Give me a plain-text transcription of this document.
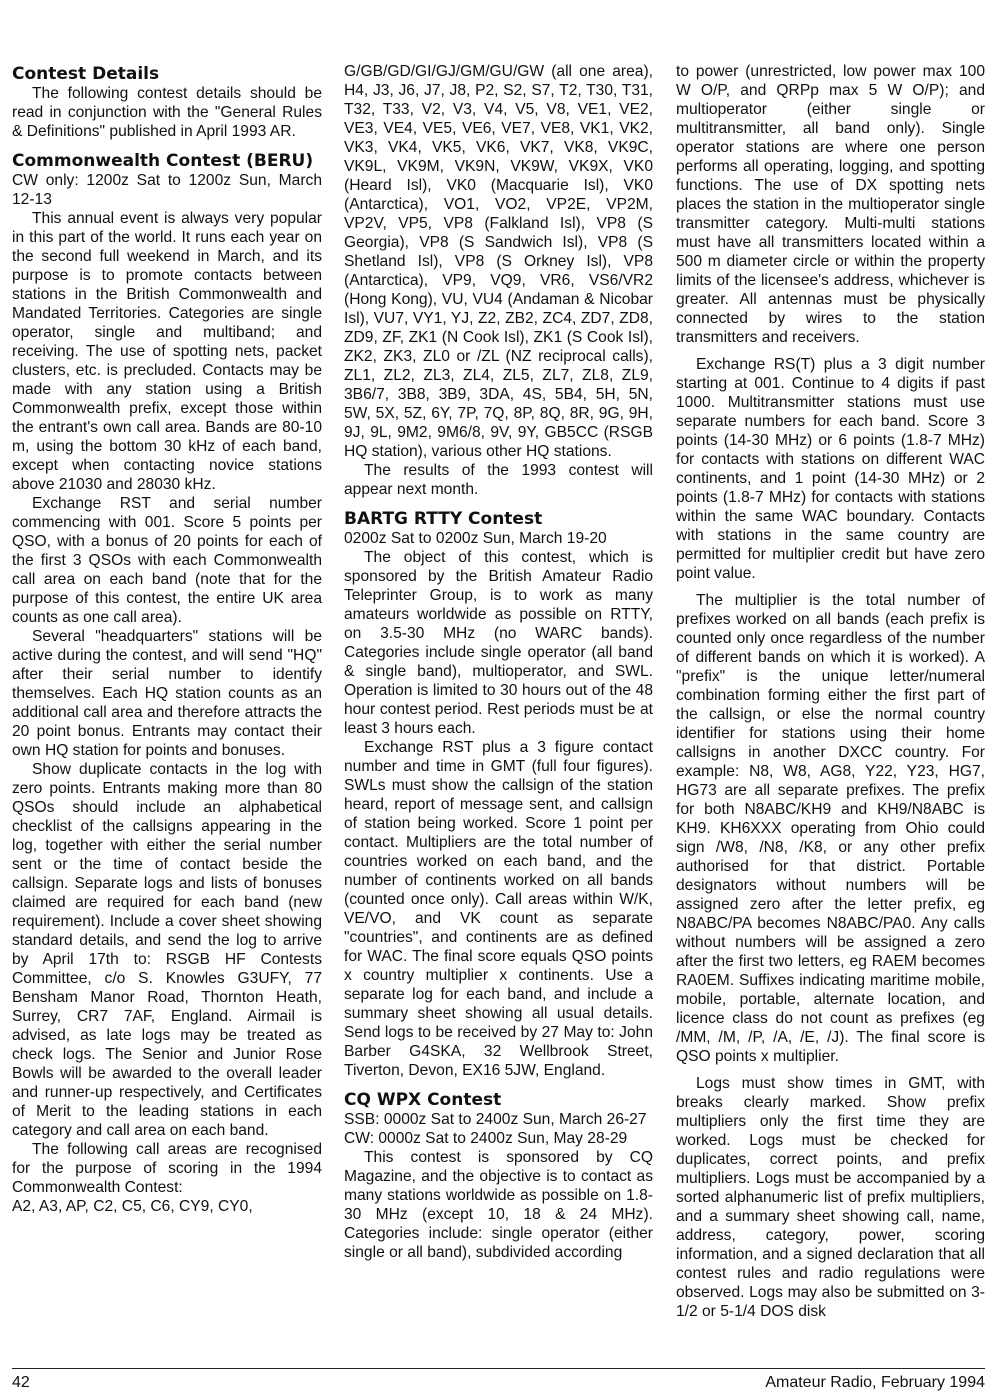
Contest Details

The following contest details should be read in conjunction with the "General Rules & Definitions" published in April 1993 AR.

Commonwealth Contest (BERU)

CW only: 1200z Sat to 1200z Sun, March 12-13

This annual event is always very popular in this part of the world. It runs each year on the second full weekend in March, and its purpose is to promote contacts between stations in the British Commonwealth and Mandated Territories. Categories are single operator, single and multiband; and receiving. The use of spotting nets, packet clusters, etc. is precluded. Contacts may be made with any station using a British Commonwealth prefix, except those within the entrant's own call area. Bands are 80-10 m, using the bottom 30 kHz of each band, except when contacting novice stations above 21030 and 28030 kHz.

Exchange RST and serial number commencing with 001. Score 5 points per QSO, with a bonus of 20 points for each of the first 3 QSOs with each Commonwealth call area on each band (note that for the purpose of this contest, the entire UK area counts as one call area).

Several "headquarters" stations will be active during the contest, and will send "HQ" after their serial number to identify themselves. Each HQ station counts as an additional call area and therefore attracts the 20 point bonus. Entrants may contact their own HQ station for points and bonuses.

Show duplicate contacts in the log with zero points. Entrants making more than 80 QSOs should include an alphabetical checklist of the callsigns appearing in the log, together with either the serial number sent or the time of contact beside the callsign. Separate logs and lists of bonuses claimed are required for each band (new requirement). Include a cover sheet showing standard details, and send the log to arrive by April 17th to: RSGB HF Contests Committee, c/o S. Knowles G3UFY, 77 Bensham Manor Road, Thornton Heath, Surrey, CR7 7AF, England. Airmail is advised, as late logs may be treated as check logs. The Senior and Junior Rose Bowls will be awarded to the overall leader and runner-up respectively, and Certificates of Merit to the leading stations in each category and call area on each band.

The following call areas are recognised for the purpose of scoring in the 1994 Commonwealth Contest:

A2, A3, AP, C2, C5, C6, CY9, CY0,

G/GB/GD/GI/GJ/GM/GU/GW (all one area), H4, J3, J6, J7, J8, P2, S2, S7, T2, T30, T31, T32, T33, V2, V3, V4, V5, V8, VE1, VE2, VE3, VE4, VE5, VE6, VE7, VE8, VK1, VK2, VK3, VK4, VK5, VK6, VK7, VK8, VK9C, VK9L, VK9M, VK9N, VK9W, VK9X, VK0 (Heard Isl), VK0 (Macquarie Isl), VK0 (Antarctica), VO1, VO2, VP2E, VP2M, VP2V, VP5, VP8 (Falkland Isl), VP8 (S Georgia), VP8 (S Sandwich Isl), VP8 (S Shetland Isl), VP8 (S Orkney Isl), VP8 (Antarctica), VP9, VQ9, VR6, VS6/VR2 (Hong Kong), VU, VU4 (Andaman & Nicobar Isl), VU7, VY1, YJ, Z2, ZB2, ZC4, ZD7, ZD8, ZD9, ZF, ZK1 (N Cook Isl), ZK1 (S Cook Isl), ZK2, ZK3, ZL0 or /ZL (NZ reciprocal calls), ZL1, ZL2, ZL3, ZL4, ZL5, ZL7, ZL8, ZL9, 3B6/7, 3B8, 3B9, 3DA, 4S, 5B4, 5H, 5N, 5W, 5X, 5Z, 6Y, 7P, 7Q, 8P, 8Q, 8R, 9G, 9H, 9J, 9L, 9M2, 9M6/8, 9V, 9Y, GB5CC (RSGB HQ station), various other HQ stations.

The results of the 1993 contest will appear next month.

BARTG RTTY Contest

0200z Sat to 0200z Sun, March 19-20

The object of this contest, which is sponsored by the British Amateur Radio Teleprinter Group, is to work as many amateurs worldwide as possible on RTTY, on 3.5-30 MHz (no WARC bands). Categories include single operator (all band & single band), multioperator, and SWL. Operation is limited to 30 hours out of the 48 hour contest period. Rest periods must be at least 3 hours each.

Exchange RST plus a 3 figure contact number and time in GMT (full four figures). SWLs must show the callsign of the station heard, report of message sent, and callsign of station being worked. Score 1 point per contact. Multipliers are the total number of countries worked on each band, and the number of continents worked on all bands (counted once only). Call areas within W/K, VE/VO, and VK count as separate "countries", and continents are as defined for WAC. The final score equals QSO points x country multiplier x continents. Use a separate log for each band, and include a summary sheet showing all usual details. Send logs to be received by 27 May to: John Barber G4SKA, 32 Wellbrook Street, Tiverton, Devon, EX16 5JW, England.

CQ WPX Contest

SSB: 0000z Sat to 2400z Sun, March 26-27

CW: 0000z Sat to 2400z Sun, May 28-29

This contest is sponsored by CQ Magazine, and the objective is to contact as many stations worldwide as possible on 1.8-30 MHz (except 10, 18 & 24 MHz). Categories include: single operator (either single or all band), subdivided according

to power (unrestricted, low power max 100 W O/P, and QRPp max 5 W O/P); and multioperator (either single or multitransmitter, all band only). Single operator stations are where one person performs all operating, logging, and spotting functions. The use of DX spotting nets places the station in the multioperator single transmitter category. Multi-multi stations must have all transmitters located within a 500 m diameter circle or within the property limits of the licensee's address, whichever is greater. All antennas must be physically connected by wires to the station transmitters and receivers.

Exchange RS(T) plus a 3 digit number starting at 001. Continue to 4 digits if past 1000. Multitransmitter stations must use separate numbers for each band. Score 3 points (14-30 MHz) or 6 points (1.8-7 MHz) for contacts with stations on different WAC continents, and 1 point (14-30 MHz) or 2 points (1.8-7 MHz) for contacts with stations within the same WAC boundary. Contacts with stations in the same country are permitted for multiplier credit but have zero point value.

The multiplier is the total number of prefixes worked on all bands (each prefix is counted only once regardless of the number of different bands on which it is worked). A "prefix" is the unique letter/numeral combination forming either the first part of the callsign, or else the normal country identifier for stations using their home callsigns in another DXCC country. For example: N8, W8, AG8, Y22, Y23, HG7, HG73 are all separate prefixes. The prefix for both N8ABC/KH9 and KH9/N8ABC is KH9. KH6XXX operating from Ohio could sign /W8, /N8, /K8, or any other prefix authorised for that district. Portable designators without numbers will be assigned zero after the letter prefix, eg N8ABC/PA becomes N8ABC/PA0. Any calls without numbers will be assigned a zero after the first two letters, eg RAEM becomes RA0EM. Suffixes indicating maritime mobile, mobile, portable, alternate location, and licence class do not count as prefixes (eg /MM, /M, /P, /A, /E, /J). The final score is QSO points x multiplier.

Logs must show times in GMT, with breaks clearly marked. Show prefix multipliers only the first time they are worked. Logs must be checked for duplicates, correct points, and prefix multipliers. Logs must be accompanied by a sorted alphanumeric list of prefix multipliers, and a summary sheet showing call, name, address, category, power, scoring information, and a signed declaration that all contest rules and radio regulations were observed. Logs may also be submitted on 3-1/2 or 5-1/4 DOS disk

42	Amateur Radio, February 1994
